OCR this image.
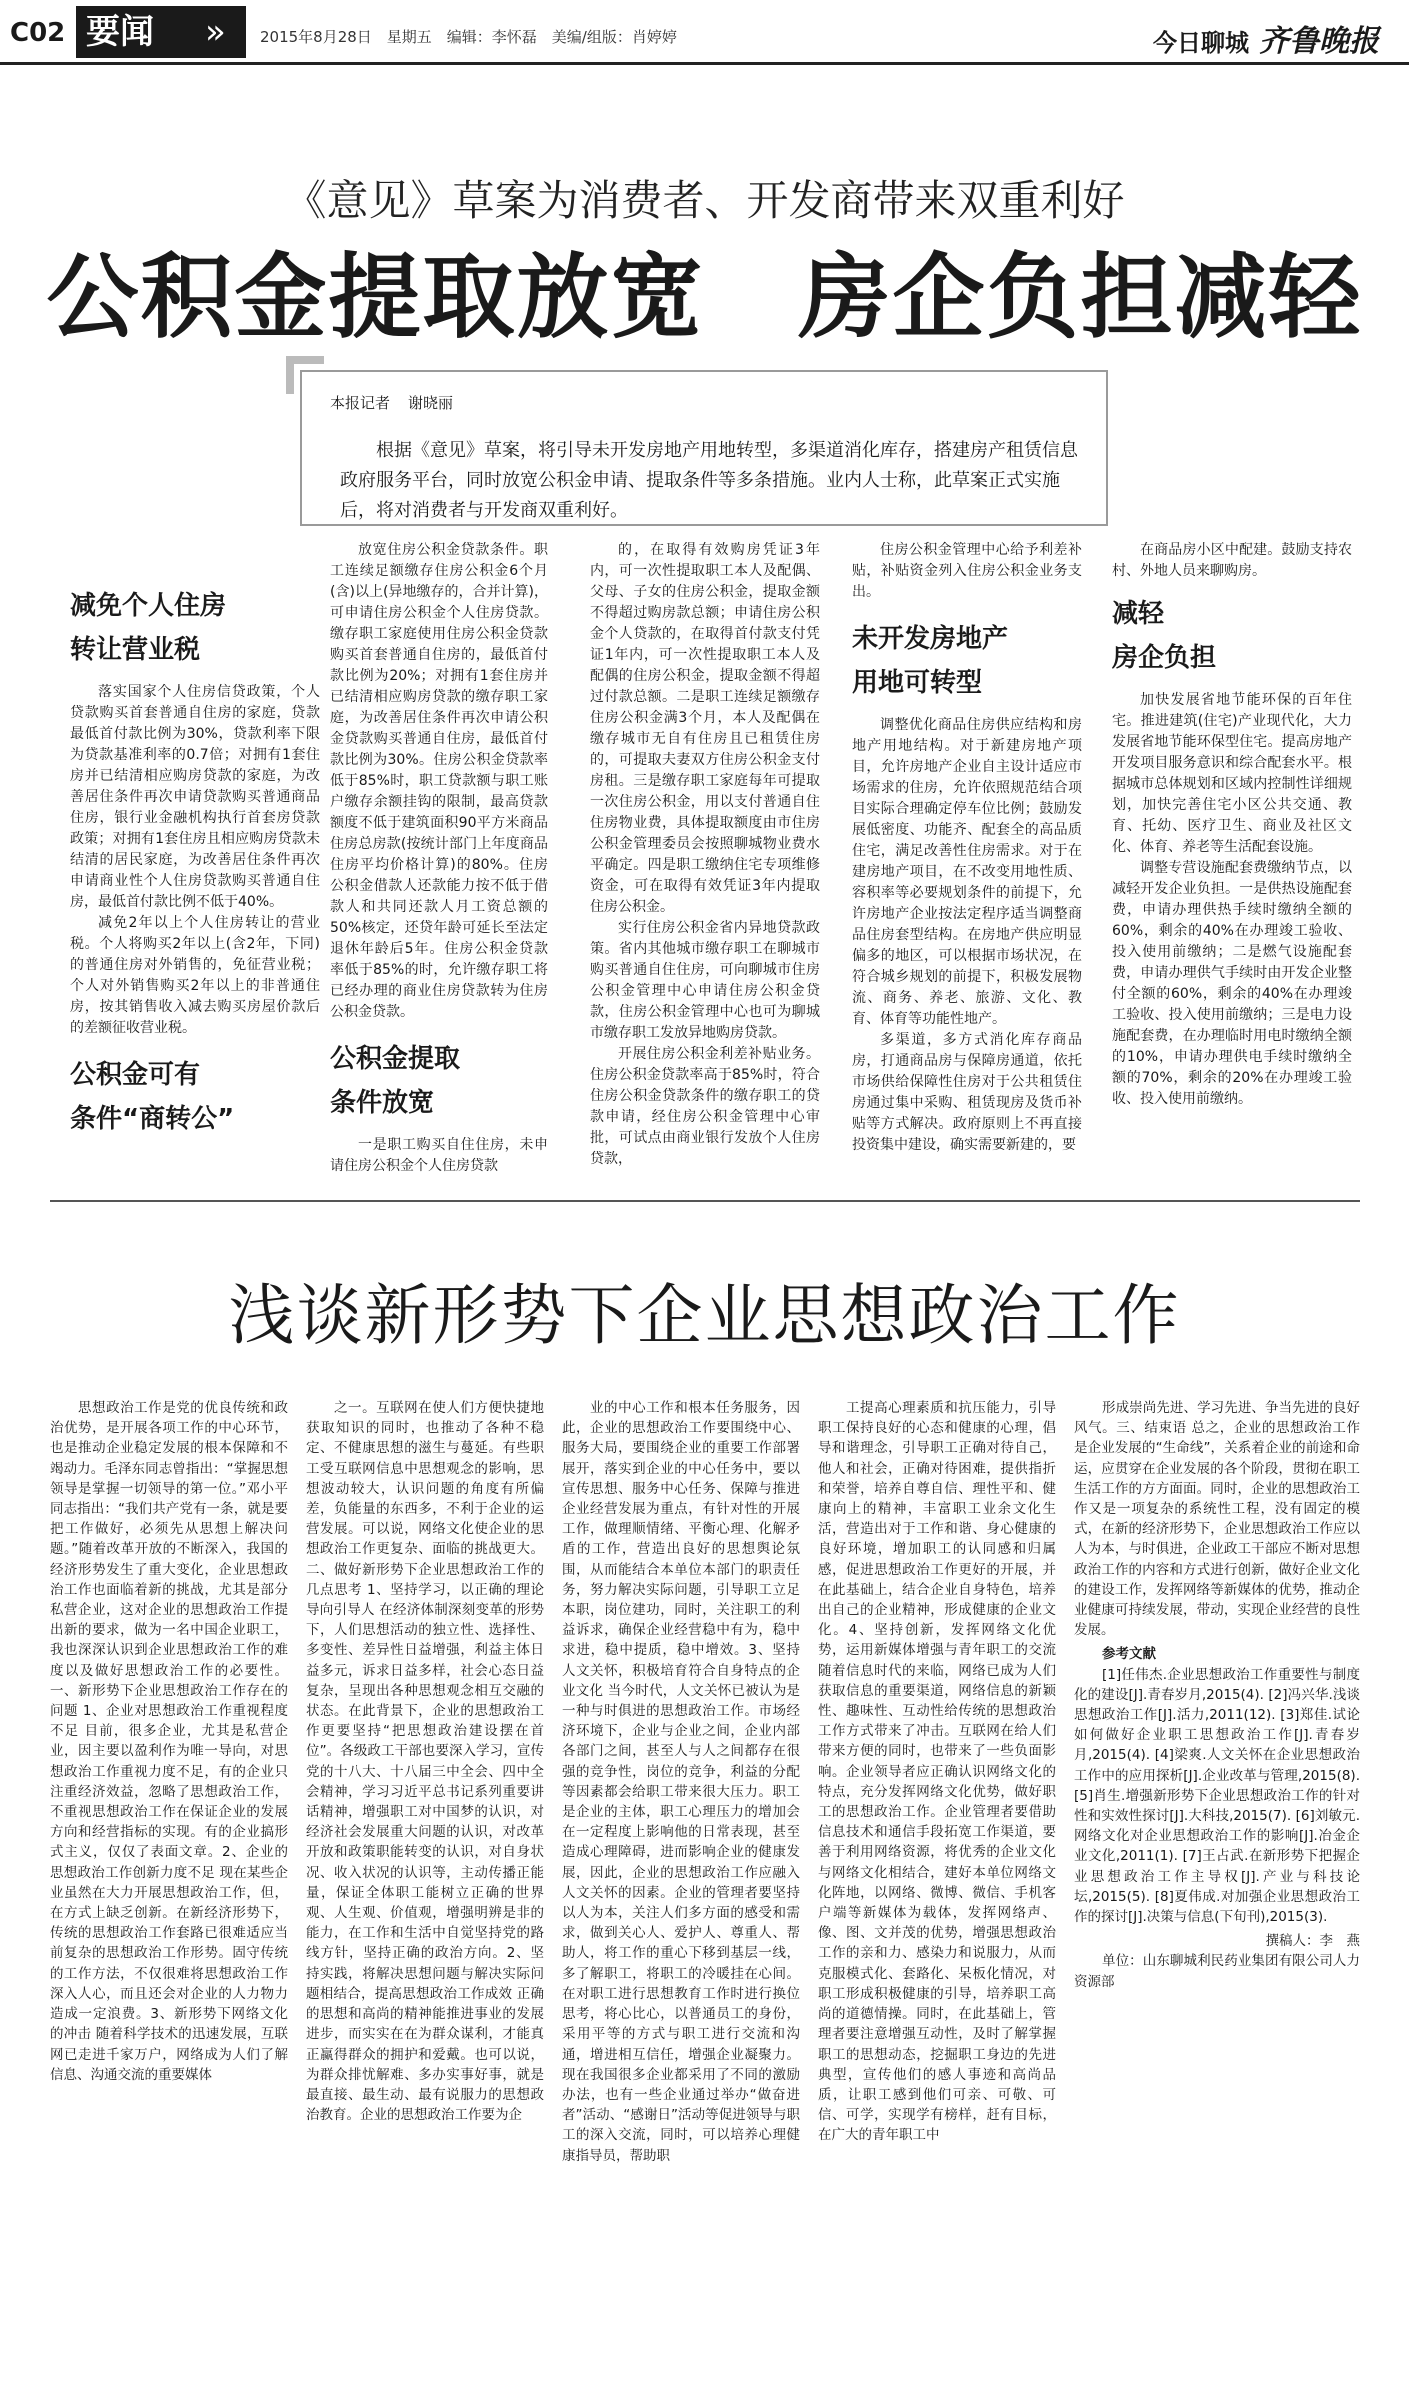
C02 要闻	»	2015年8月28日　星期五　编辑：李怀磊　美编/组版：肖婷婷	今日聊城 齐鲁晚报
《意见》草案为消费者、开发商带来双重利好
公积金提取放宽　房企负担减轻
本报记者 谢晓丽
根据《意见》草案，将引导未开发房地产用地转型，多渠道消化库存，搭建房产租赁信息政府服务平台，同时放宽公积金申请、提取条件等多条措施。业内人士称，此草案正式实施后，将对消费者与开发商双重利好。
减免个人住房
转让营业税

落实国家个人住房信贷政策，个人贷款购买首套普通自住房的家庭，贷款最低首付款比例为30%，贷款利率下限为贷款基准利率的0.7倍；对拥有1套住房并已结清相应购房贷款的家庭，为改善居住条件再次申请贷款购买普通商品住房，银行业金融机构执行首套房贷款政策；对拥有1套住房且相应购房贷款未结清的居民家庭，为改善居住条件再次申请商业性个人住房贷款购买普通自住房，最低首付款比例不低于40%。

减免2年以上个人住房转让的营业税。个人将购买2年以上(含2年，下同)的普通住房对外销售的，免征营业税；个人对外销售购买2年以上的非普通住房，按其销售收入减去购买房屋价款后的差额征收营业税。

公积金可有
条件“商转公”

放宽住房公积金贷款条件。职工连续足额缴存住房公积金6个月(含)以上(异地缴存的，合并计算)，可申请住房公积金个人住房贷款。缴存职工家庭使用住房公积金贷款购买首套普通自住房的，最低首付款比例为20%；对拥有1套住房并已结清相应购房贷款的缴存职工家庭，为改善居住条件再次申请公积金贷款购买普通自住房，最低首付款比例为30%。住房公积金贷款率低于85%时，职工贷款额与职工账户缴存余额挂钩的限制，最高贷款额度不低于建筑面积90平方米商品住房总房款(按统计部门上年度商品住房平均价格计算)的80%。住房公积金借款人还款能力按不低于借款人和共同还款人月工资总额的50%核定，还贷年龄可延长至法定退休年龄后5年。住房公积金贷款率低于85%的时，允许缴存职工将已经办理的商业住房贷款转为住房公积金贷款。

公积金提取
条件放宽

一是职工购买自住住房，未申请住房公积金个人住房贷款

的，在取得有效购房凭证3年内，可一次性提取职工本人及配偶、父母、子女的住房公积金，提取金额不得超过购房款总额；申请住房公积金个人贷款的，在取得首付款支付凭证1年内，可一次性提取职工本人及配偶的住房公积金，提取金额不得超过付款总额。二是职工连续足额缴存住房公积金满3个月，本人及配偶在缴存城市无自有住房且已租赁住房的，可提取夫妻双方住房公积金支付房租。三是缴存职工家庭每年可提取一次住房公积金，用以支付普通自住住房物业费，具体提取额度由市住房公积金管理委员会按照聊城物业费水平确定。四是职工缴纳住宅专项维修资金，可在取得有效凭证3年内提取住房公积金。

实行住房公积金省内异地贷款政策。省内其他城市缴存职工在聊城市购买普通自住住房，可向聊城市住房公积金管理中心申请住房公积金贷款，住房公积金管理中心也可为聊城市缴存职工发放异地购房贷款。

开展住房公积金利差补贴业务。住房公积金贷款率高于85%时，符合住房公积金贷款条件的缴存职工的贷款申请，经住房公积金管理中心审批，可试点由商业银行发放个人住房贷款，

住房公积金管理中心给予利差补贴，补贴资金列入住房公积金业务支出。

未开发房地产
用地可转型

调整优化商品住房供应结构和房地产用地结构。对于新建房地产项目，允许房地产企业自主设计适应市场需求的住房，允许依照规范结合项目实际合理确定停车位比例；鼓励发展低密度、功能齐、配套全的高品质住宅，满足改善性住房需求。对于在建房地产项目，在不改变用地性质、容积率等必要规划条件的前提下，允许房地产企业按法定程序适当调整商品住房套型结构。在房地产供应明显偏多的地区，可以根据市场状况，在符合城乡规划的前提下，积极发展物流、商务、养老、旅游、文化、教育、体育等功能性地产。

多渠道，多方式消化库存商品房，打通商品房与保障房通道，依托市场供给保障性住房对于公共租赁住房通过集中采购、租赁现房及货币补贴等方式解决。政府原则上不再直接投资集中建设，确实需要新建的，要

在商品房小区中配建。鼓励支持农村、外地人员来聊购房。

减轻
房企负担

加快发展省地节能环保的百年住宅。推进建筑(住宅)产业现代化，大力发展省地节能环保型住宅。提高房地产开发项目服务意识和综合配套水平。根据城市总体规划和区域内控制性详细规划，加快完善住宅小区公共交通、教育、托幼、医疗卫生、商业及社区文化、体育、养老等生活配套设施。

调整专营设施配套费缴纳节点，以减轻开发企业负担。一是供热设施配套费，申请办理供热手续时缴纳全额的60%，剩余的40%在办理竣工验收、投入使用前缴纳；二是燃气设施配套费，申请办理供气手续时由开发企业整付全额的60%，剩余的40%在办理竣工验收、投入使用前缴纳；三是电力设施配套费，在办理临时用电时缴纳全额的10%，申请办理供电手续时缴纳全额的70%，剩余的20%在办理竣工验收、投入使用前缴纳。

浅谈新形势下企业思想政治工作

思想政治工作是党的优良传统和政治优势，是开展各项工作的中心环节，也是推动企业稳定发展的根本保障和不竭动力。毛泽东同志曾指出：“掌握思想领导是掌握一切领导的第一位。”邓小平同志指出：“我们共产党有一条，就是要把工作做好，必须先从思想上解决问题。”随着改革开放的不断深入，我国的经济形势发生了重大变化，企业思想政治工作也面临着新的挑战，尤其是部分私营企业，这对企业的思想政治工作提出新的要求，做为一名中国企业职工，我也深深认识到企业思想政治工作的难度以及做好思想政治工作的必要性。一、新形势下企业思想政治工作存在的问题 1、企业对思想政治工作重视程度不足 目前，很多企业，尤其是私营企业，因主要以盈利作为唯一导向，对思想政治工作重视力度不足，有的企业只注重经济效益，忽略了思想政治工作，不重视思想政治工作在保证企业的发展方向和经营指标的实现。有的企业搞形式主义，仅仅了表面文章。2、企业的思想政治工作创新力度不足 现在某些企业虽然在大力开展思想政治工作，但，在方式上缺乏创新。在新经济形势下，传统的思想政治工作套路已很难适应当前复杂的思想政治工作形势。固守传统的工作方法，不仅很难将思想政治工作深入人心，而且还会对企业的人力物力造成一定浪费。3、新形势下网络文化的冲击 随着科学技术的迅速发展，互联网已走进千家万户，网络成为人们了解信息、沟通交流的重要媒体

之一。互联网在使人们方便快捷地获取知识的同时，也推动了各种不稳定、不健康思想的滋生与蔓延。有些职工受互联网信息中思想观念的影响，思想波动较大，认识问题的角度有所偏差，负能量的东西多，不利于企业的运营发展。可以说，网络文化使企业的思想政治工作更复杂、面临的挑战更大。二、做好新形势下企业思想政治工作的几点思考 1、坚持学习，以正确的理论导向引导人 在经济体制深刻变革的形势下，人们思想活动的独立性、选择性、多变性、差异性日益增强，利益主体日益多元，诉求日益多样，社会心态日益复杂，呈现出各种思想观念相互交融的状态。在此背景下，企业的思想政治工作更要坚持“把思想政治建设摆在首位”。各级政工干部也要深入学习，宣传党的十八大、十八届三中全会、四中全会精神，学习习近平总书记系列重要讲话精神，增强职工对中国梦的认识，对经济社会发展重大问题的认识，对改革开放和政策职能转变的认识，对自身状况、收入状况的认识等，主动传播正能量，保证全体职工能树立正确的世界观、人生观、价值观，增强明辨是非的能力，在工作和生活中自觉坚持党的路线方针，坚持正确的政治方向。2、坚持实践，将解决思想问题与解决实际问题相结合，提高思想政治工作成效 正确的思想和高尚的精神能推进事业的发展进步，而实实在在为群众谋利，才能真正赢得群众的拥护和爱戴。也可以说，为群众排忧解难、多办实事好事，就是最直接、最生动、最有说服力的思想政治教育。企业的思想政治工作要为企

业的中心工作和根本任务服务，因此，企业的思想政治工作要围绕中心、服务大局，要围绕企业的重要工作部署展开，落实到企业的中心任务中，要以宣传思想、服务中心任务、保障与推进企业经营发展为重点，有针对性的开展工作，做理顺情绪、平衡心理、化解矛盾的工作，营造出良好的思想舆论氛围，从而能结合本单位本部门的职责任务，努力解决实际问题，引导职工立足本职，岗位建功，同时，关注职工的利益诉求，确保企业经营稳中有为，稳中求进，稳中提质，稳中增效。3、坚持人文关怀，积极培育符合自身特点的企业文化 当今时代，人文关怀已被认为是一种与时俱进的思想政治工作。市场经济环境下，企业与企业之间，企业内部各部门之间，甚至人与人之间都存在很强的竞争性，岗位的竞争，利益的分配等因素都会给职工带来很大压力。职工是企业的主体，职工心理压力的增加会在一定程度上影响他的日常表现，甚至造成心理障碍，进而影响企业的健康发展，因此，企业的思想政治工作应融入人文关怀的因素。企业的管理者要坚持以人为本，关注人们多方面的感受和需求，做到关心人、爱护人、尊重人、帮助人，将工作的重心下移到基层一线，多了解职工，将职工的冷暖挂在心间。在对职工进行思想教育工作时进行换位思考，将心比心，以普通员工的身份，采用平等的方式与职工进行交流和沟通，增进相互信任，增强企业凝聚力。现在我国很多企业都采用了不同的激励办法，也有一些企业通过举办“做奋进者”活动、“感谢日”活动等促进领导与职工的深入交流，同时，可以培养心理健康指导员，帮助职

工提高心理素质和抗压能力，引导职工保持良好的心态和健康的心理，倡导和谐理念，引导职工正确对待自己，他人和社会，正确对待困难，提供指折和荣誉，培养自尊自信、理性平和、健康向上的精神，丰富职工业余文化生活，营造出对于工作和谐、身心健康的良好环境，增加职工的认同感和归属感，促进思想政治工作更好的开展，并在此基础上，结合企业自身特色，培养出自己的企业精神，形成健康的企业文化。4、坚持创新，发挥网络文化优势，运用新媒体增强与青年职工的交流 随着信息时代的来临，网络已成为人们获取信息的重要渠道，网络信息的新颖性、趣味性、互动性给传统的思想政治工作方式带来了冲击。互联网在给人们带来方便的同时，也带来了一些负面影响。企业领导者应正确认识网络文化的特点，充分发挥网络文化优势，做好职工的思想政治工作。企业管理者要借助信息技术和通信手段拓宽工作渠道，要善于利用网络资源，将优秀的企业文化与网络文化相结合，建好本单位网络文化阵地，以网络、微博、微信、手机客户端等新媒体为载体，发挥网络声、像、图、文并茂的优势，增强思想政治工作的亲和力、感染力和说服力，从而克服模式化、套路化、呆板化情况，对职工形成积极健康的引导，培养职工高尚的道德情操。同时，在此基础上，管理者要注意增强互动性，及时了解掌握职工的思想动态，挖掘职工身边的先进典型，宣传他们的感人事迹和高尚品质，让职工感到他们可亲、可敬、可信、可学，实现学有榜样，赶有目标，在广大的青年职工中

形成崇尚先进、学习先进、争当先进的良好风气。三、结束语 总之，企业的思想政治工作是企业发展的“生命线”，关系着企业的前途和命运，应贯穿在企业发展的各个阶段，贯彻在职工生活工作的方方面面。同时，企业的思想政治工作又是一项复杂的系统性工程，没有固定的模式，在新的经济形势下，企业思想政治工作应以人为本，与时俱进，企业政工干部应不断对思想政治工作的内容和方式进行创新，做好企业文化的建设工作，发挥网络等新媒体的优势，推动企业健康可持续发展，带动，实现企业经营的良性发展。

参考文献

[1]任伟杰.企业思想政治工作重要性与制度化的建设[J].青春岁月,2015(4). [2]冯兴华.浅谈思想政治工作[J].活力,2011(12). [3]郑佳.试论如何做好企业职工思想政治工作[J].青春岁月,2015(4). [4]梁爽.人文关怀在企业思想政治工作中的应用探析[J].企业改革与管理,2015(8). [5]肖生.增强新形势下企业思想政治工作的针对性和实效性探讨[J].大科技,2015(7). [6]刘敏元.网络文化对企业思想政治工作的影响[J].冶金企业文化,2011(1). [7]王占武.在新形势下把握企业思想政治工作主导权[J].产业与科技论坛,2015(5). [8]夏伟成.对加强企业思想政治工作的探讨[J].决策与信息(下旬刊),2015(3).

撰稿人：李　燕

单位：山东聊城利民药业集团有限公司人力资源部
